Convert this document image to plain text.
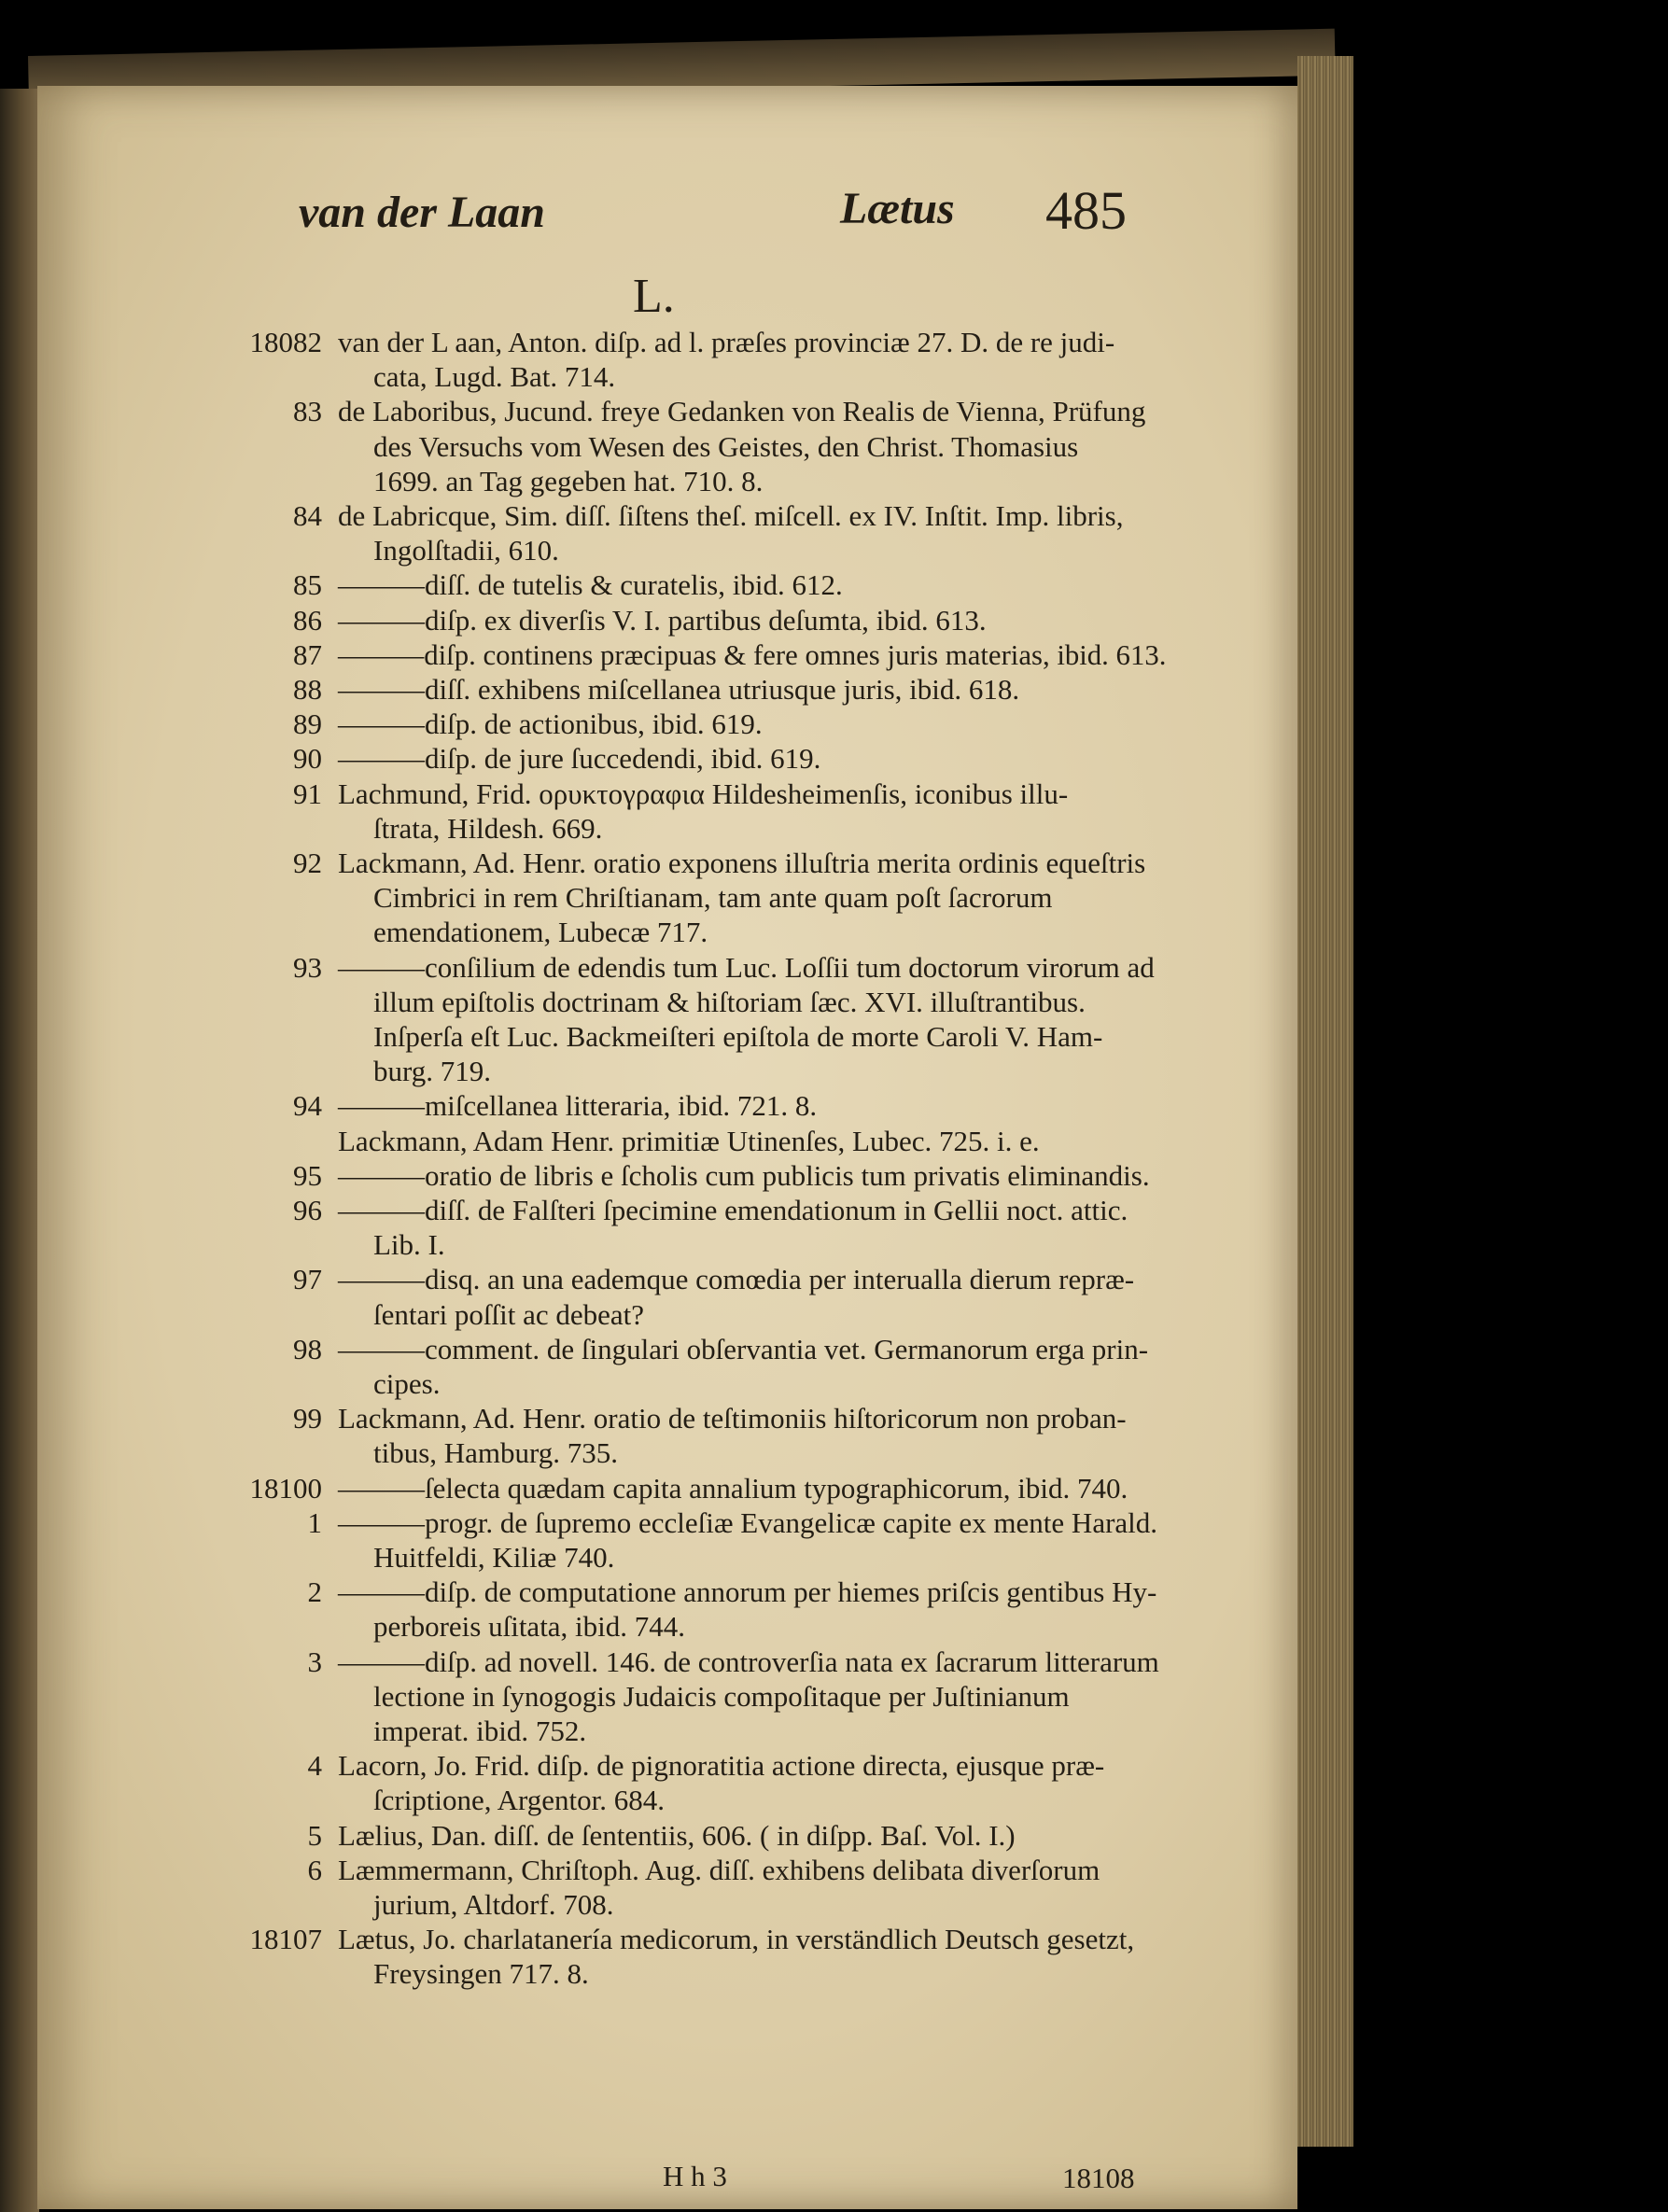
van der Laan	Lætus 485
L.
18082 van der L aan, Anton. diſp. ad l. præſes provinciæ 27. D. de re judi-
cata, Lugd. Bat. 714.
83 de Laboribus, Jucund. freye Gedanken von Realis de Vienna, Prüfung
des Versuchs vom Wesen des Geistes, den Christ. Thomasius
1699. an Tag gegeben hat. 710. 8.
84 de Labricque, Sim. diſſ. ſiſtens theſ. miſcell. ex IV. Inſtit. Imp. libris,
Ingolſtadii, 610.
85 ———diſſ. de tutelis & curatelis, ibid. 612.
86 ———diſp. ex diverſis V. I. partibus deſumta, ibid. 613.
87 ———diſp. continens præcipuas & fere omnes juris materias, ibid. 613.
88 ———diſſ. exhibens miſcellanea utriusque juris, ibid. 618.
89 ———diſp. de actionibus, ibid. 619.
90 ———diſp. de jure ſuccedendi, ibid. 619.
91 Lachmund, Frid. ορυκτογραφια Hildesheimenſis, iconibus illu-
ſtrata, Hildesh. 669.
92 Lackmann, Ad. Henr. oratio exponens illuſtria merita ordinis equeſtris
Cimbrici in rem Chriſtianam, tam ante quam poſt ſacrorum
emendationem, Lubecæ 717.
93 ———conſilium de edendis tum Luc. Loſſii tum doctorum virorum ad
illum epiſtolis doctrinam & hiſtoriam ſæc. XVI. illuſtrantibus.
Inſperſa eſt Luc. Backmeiſteri epiſtola de morte Caroli V. Ham-
burg. 719.
94 ———miſcellanea litteraria, ibid. 721. 8.
Lackmann, Adam Henr. primitiæ Utinenſes, Lubec. 725. i. e.
95 ———oratio de libris e ſcholis cum publicis tum privatis eliminandis.
96 ———diſſ. de Falſteri ſpecimine emendationum in Gellii noct. attic.
Lib. I.
97 ———disq. an una eademque comœdia per interualla dierum repræ-
ſentari poſſit ac debeat?
98 ———comment. de ſingulari obſervantia vet. Germanorum erga prin-
cipes.
99 Lackmann, Ad. Henr. oratio de teſtimoniis hiſtoricorum non proban-
tibus, Hamburg. 735.
18100 ———ſelecta quædam capita annalium typographicorum, ibid. 740.
1 ———progr. de ſupremo eccleſiæ Evangelicæ capite ex mente Harald.
Huitfeldi, Kiliæ 740.
2 ———diſp. de computatione annorum per hiemes priſcis gentibus Hy-
perboreis uſitata, ibid. 744.
3 ———diſp. ad novell. 146. de controverſia nata ex ſacrarum litterarum
lectione in ſynogogis Judaicis compoſitaque per Juſtinianum
imperat. ibid. 752.
4 Lacorn, Jo. Frid. diſp. de pignoratitia actione directa, ejusque præ-
ſcriptione, Argentor. 684.
5 Lælius, Dan. diſſ. de ſententiis, 606. ( in diſpp. Baſ. Vol. I.)
6 Læmmermann, Chriſtoph. Aug. diſſ. exhibens delibata diverſorum
jurium, Altdorf. 708.
18107 Lætus, Jo. charlatanería medicorum, in verständlich Deutsch gesetzt,
Freysingen 717. 8.
H h 3	18108
